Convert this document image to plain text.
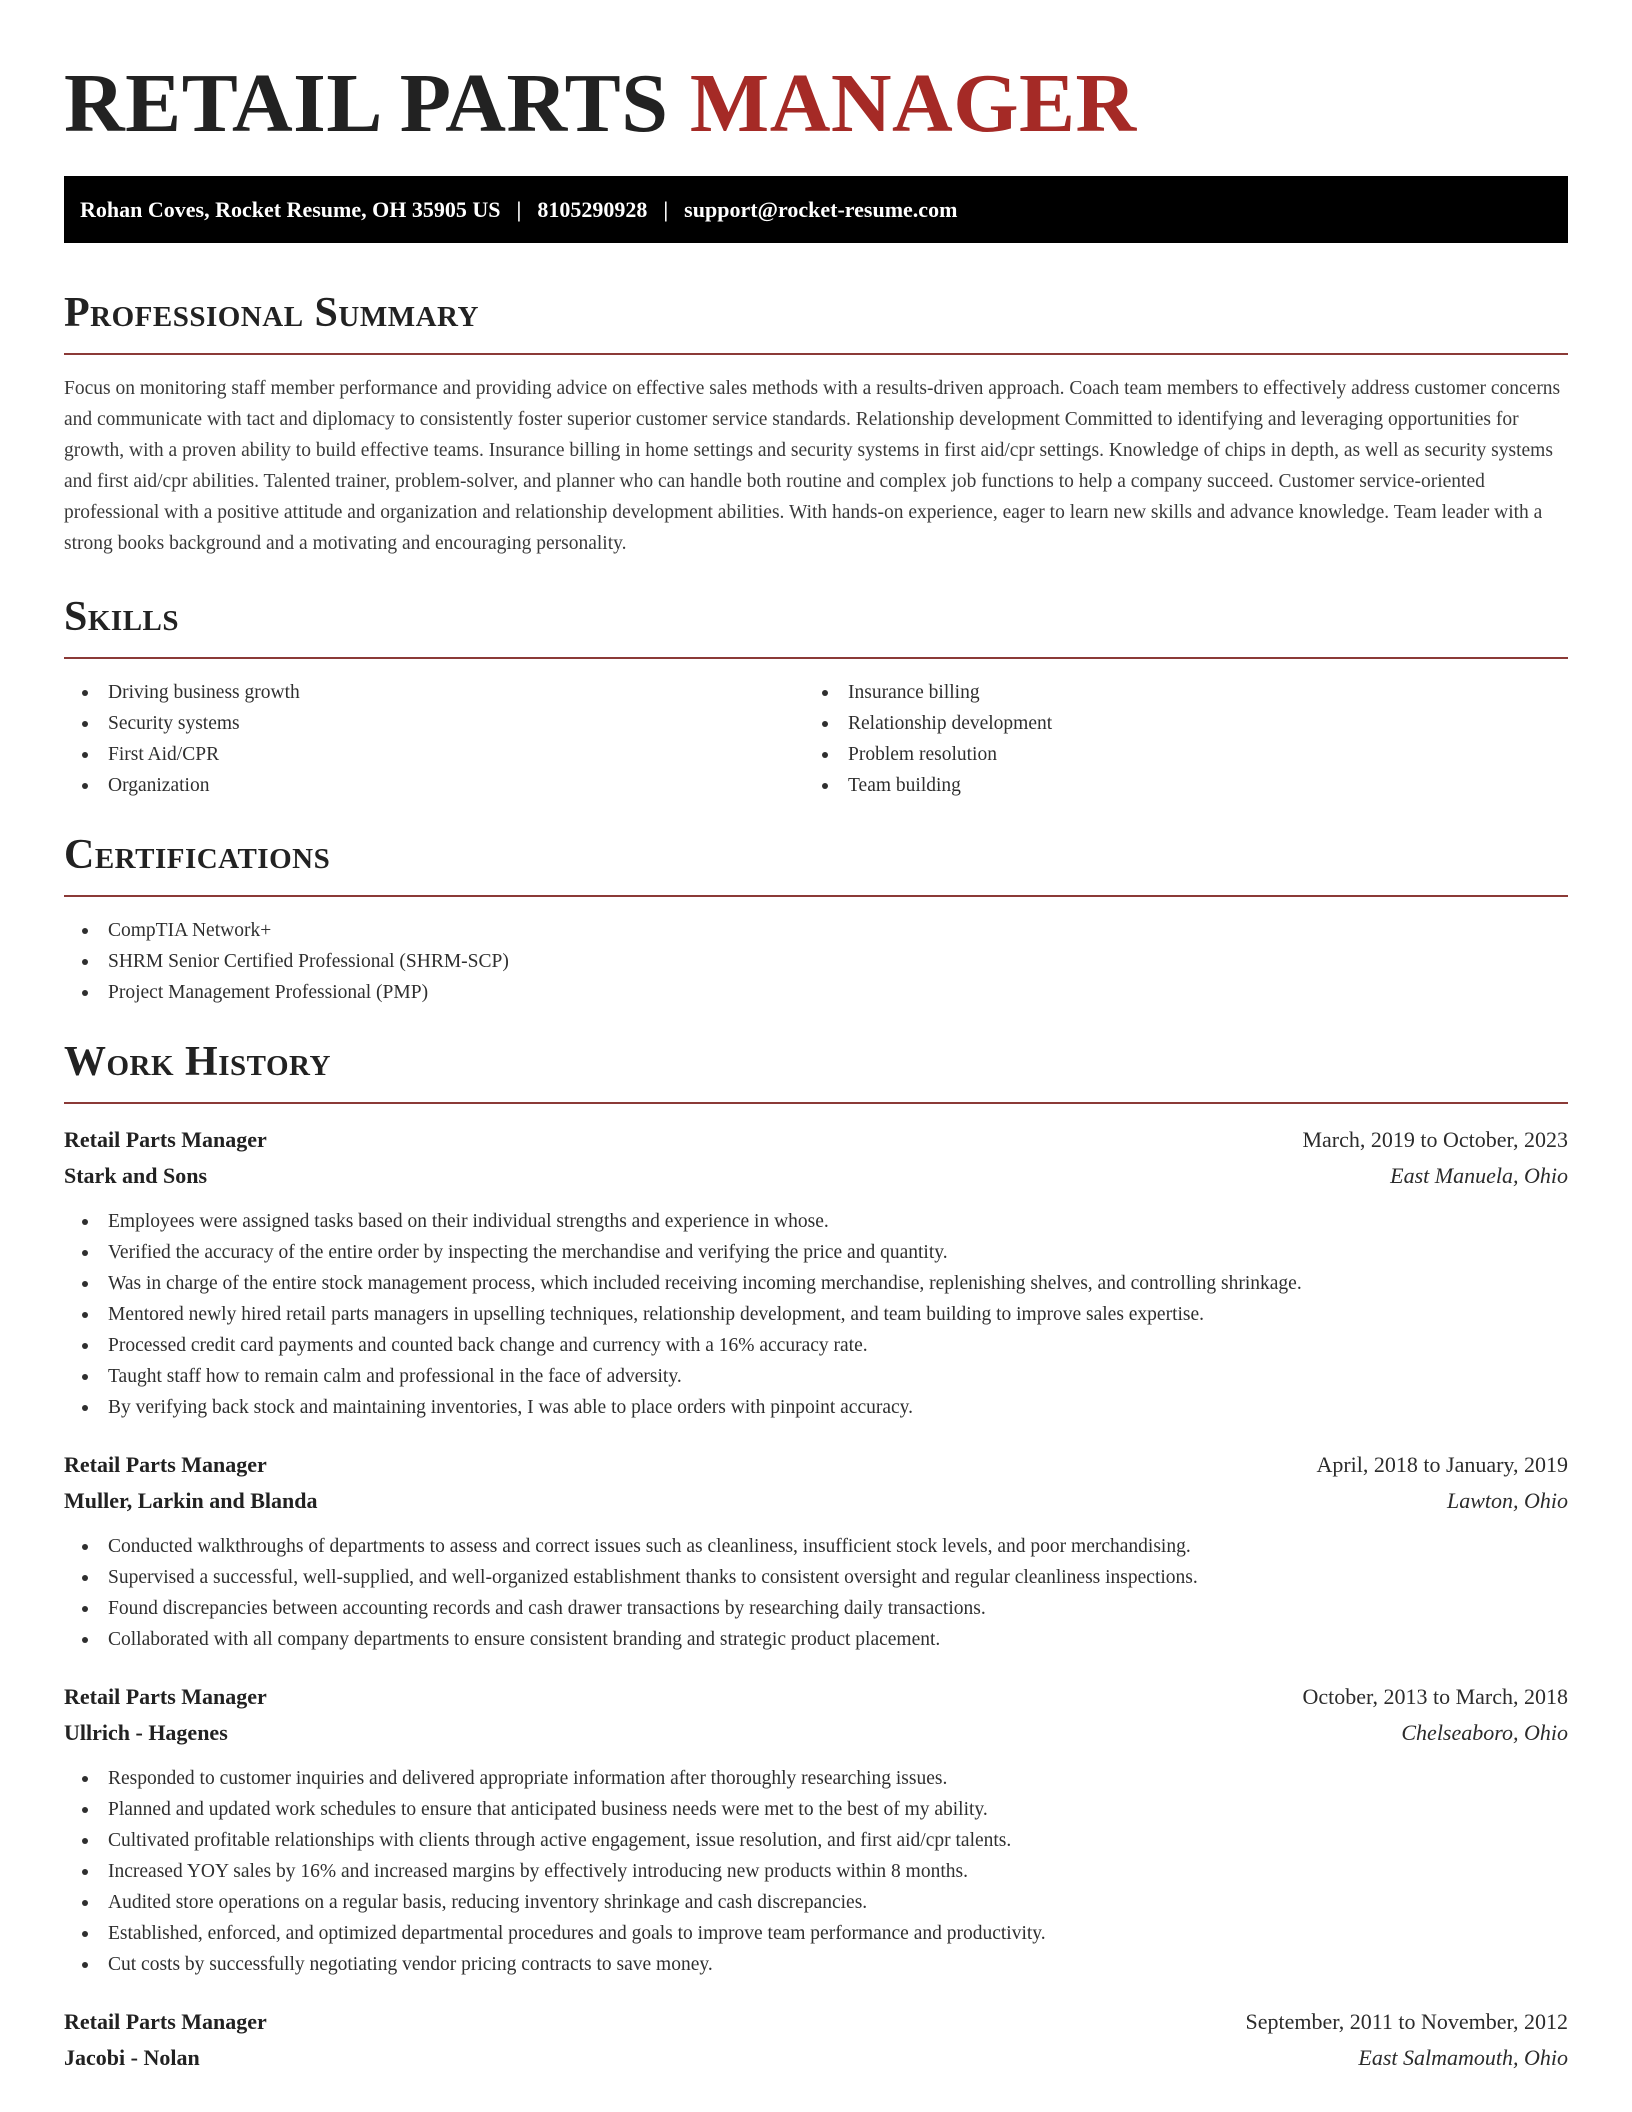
RETAIL PARTS MANAGER
Rohan Coves, Rocket Resume, OH 35905 US | 8105290928 | support@rocket-resume.com
Professional Summary

Focus on monitoring staff member performance and providing advice on effective sales methods with a results-driven approach. Coach team members to effectively address customer concerns and communicate with tact and diplomacy to consistently foster superior customer service standards. Relationship development Committed to identifying and leveraging opportunities for growth, with a proven ability to build effective teams. Insurance billing in home settings and security systems in first aid/cpr settings. Knowledge of chips in depth, as well as security systems and first aid/cpr abilities. Talented trainer, problem-solver, and planner who can handle both routine and complex job functions to help a company succeed. Customer service-oriented professional with a positive attitude and organization and relationship development abilities. With hands-on experience, eager to learn new skills and advance knowledge. Team leader with a strong books background and a motivating and encouraging personality.

Skills
Driving business growth
Security systems
First Aid/CPR
Organization
Insurance billing
Relationship development
Problem resolution
Team building
Certifications
CompTIA Network+
SHRM Senior Certified Professional (SHRM-SCP)
Project Management Professional (PMP)
Work History
Retail Parts Manager	March, 2019 to October, 2023
Stark and Sons	East Manuela, Ohio
Employees were assigned tasks based on their individual strengths and experience in whose.
Verified the accuracy of the entire order by inspecting the merchandise and verifying the price and quantity.
Was in charge of the entire stock management process, which included receiving incoming merchandise, replenishing shelves, and controlling shrinkage.
Mentored newly hired retail parts managers in upselling techniques, relationship development, and team building to improve sales expertise.
Processed credit card payments and counted back change and currency with a 16% accuracy rate.
Taught staff how to remain calm and professional in the face of adversity.
By verifying back stock and maintaining inventories, I was able to place orders with pinpoint accuracy.
Retail Parts Manager	April, 2018 to January, 2019
Muller, Larkin and Blanda	Lawton, Ohio
Conducted walkthroughs of departments to assess and correct issues such as cleanliness, insufficient stock levels, and poor merchandising.
Supervised a successful, well-supplied, and well-organized establishment thanks to consistent oversight and regular cleanliness inspections.
Found discrepancies between accounting records and cash drawer transactions by researching daily transactions.
Collaborated with all company departments to ensure consistent branding and strategic product placement.
Retail Parts Manager	October, 2013 to March, 2018
Ullrich - Hagenes	Chelseaboro, Ohio
Responded to customer inquiries and delivered appropriate information after thoroughly researching issues.
Planned and updated work schedules to ensure that anticipated business needs were met to the best of my ability.
Cultivated profitable relationships with clients through active engagement, issue resolution, and first aid/cpr talents.
Increased YOY sales by 16% and increased margins by effectively introducing new products within 8 months.
Audited store operations on a regular basis, reducing inventory shrinkage and cash discrepancies.
Established, enforced, and optimized departmental procedures and goals to improve team performance and productivity.
Cut costs by successfully negotiating vendor pricing contracts to save money.
Retail Parts Manager	September, 2011 to November, 2012
Jacobi - Nolan	East Salmamouth, Ohio
